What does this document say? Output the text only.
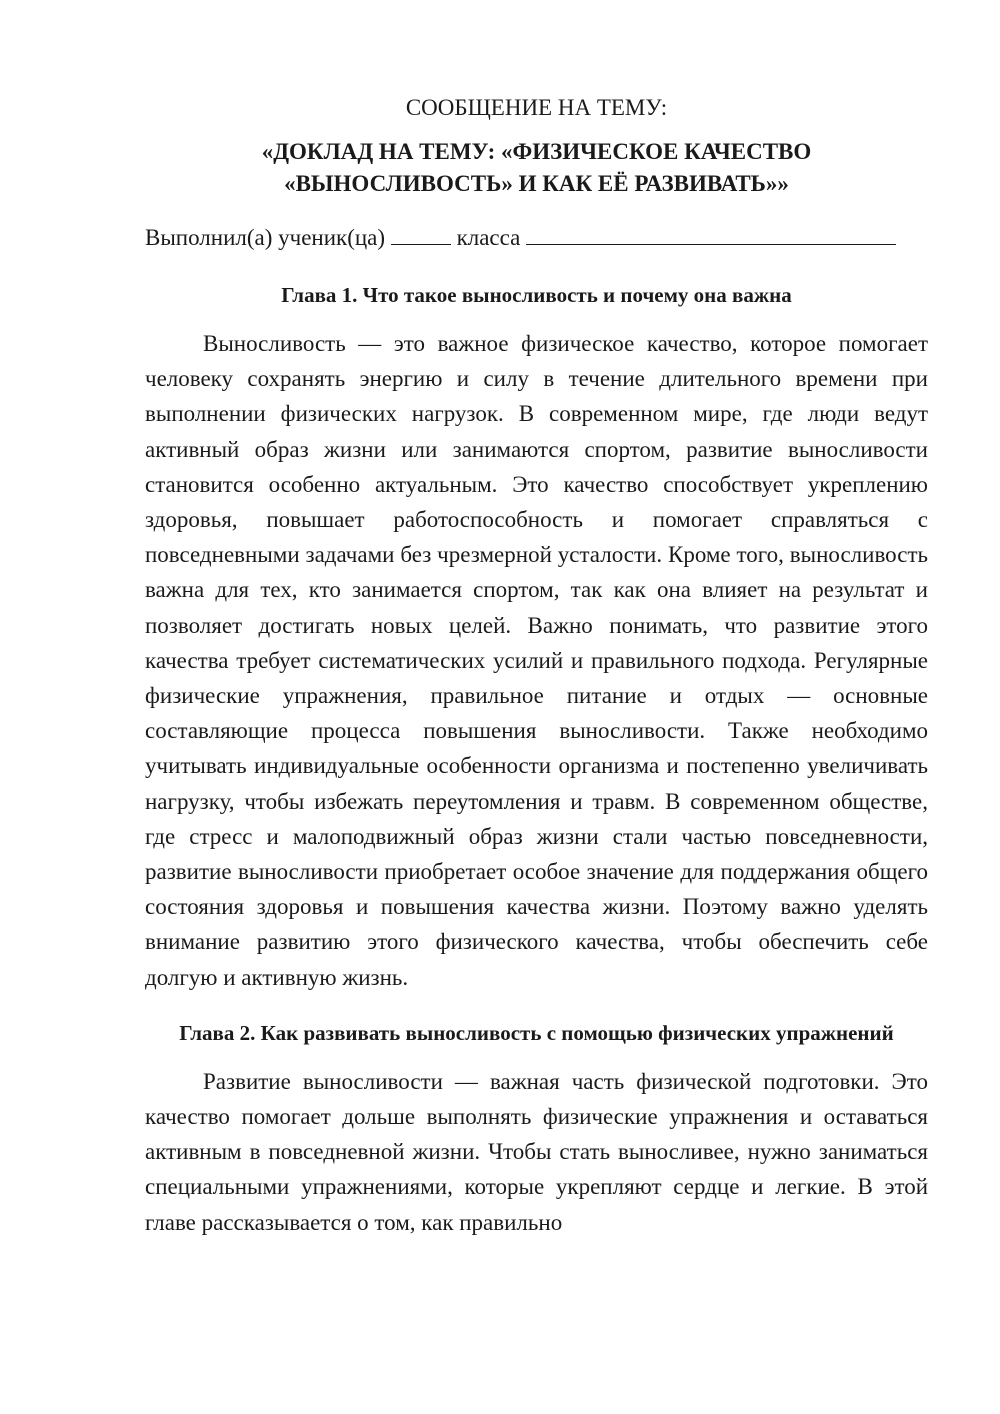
СООБЩЕНИЕ НА ТЕМУ:

«ДОКЛАД НА ТЕМУ: «ФИЗИЧЕСКОЕ КАЧЕСТВО
«ВЫНОСЛИВОСТЬ» И КАК ЕЁ РАЗВИВАТЬ»»

Выполнил(а) ученик(ца)	класса

Глава 1. Что такое выносливость и почему она важна

Выносливость — это важное физическое качество, которое помогает человеку сохранять энергию и силу в течение длительного времени при выполнении физических нагрузок. В современном мире, где люди ведут активный образ жизни или занимаются спортом, развитие выносливости становится особенно актуальным. Это качество способствует укреплению здоровья, повышает работоспособность и помогает справляться с повседневными задачами без чрезмерной усталости. Кроме того, выносливость важна для тех, кто занимается спортом, так как она влияет на результат и позволяет достигать новых целей. Важно понимать, что развитие этого качества требует систематических усилий и правильного подхода. Регулярные физические упражнения, правильное питание и отдых — основные составляющие процесса повышения выносливости. Также необходимо учитывать индивидуальные особенности организма и постепенно увеличивать нагрузку, чтобы избежать переутомления и травм. В современном обществе, где стресс и малоподвижный образ жизни стали частью повседневности, развитие выносливости приобретает особое значение для поддержания общего состояния здоровья и повышения качества жизни. Поэтому важно уделять внимание развитию этого физического качества, чтобы обеспечить себе долгую и активную жизнь.

Глава 2. Как развивать выносливость с помощью физических упражнений

Развитие выносливости — важная часть физической подготовки. Это качество помогает дольше выполнять физические упражнения и оставаться активным в повседневной жизни. Чтобы стать выносливее, нужно заниматься специальными упражнениями, которые укрепляют сердце и легкие. В этой главе рассказывается о том, как правильно
